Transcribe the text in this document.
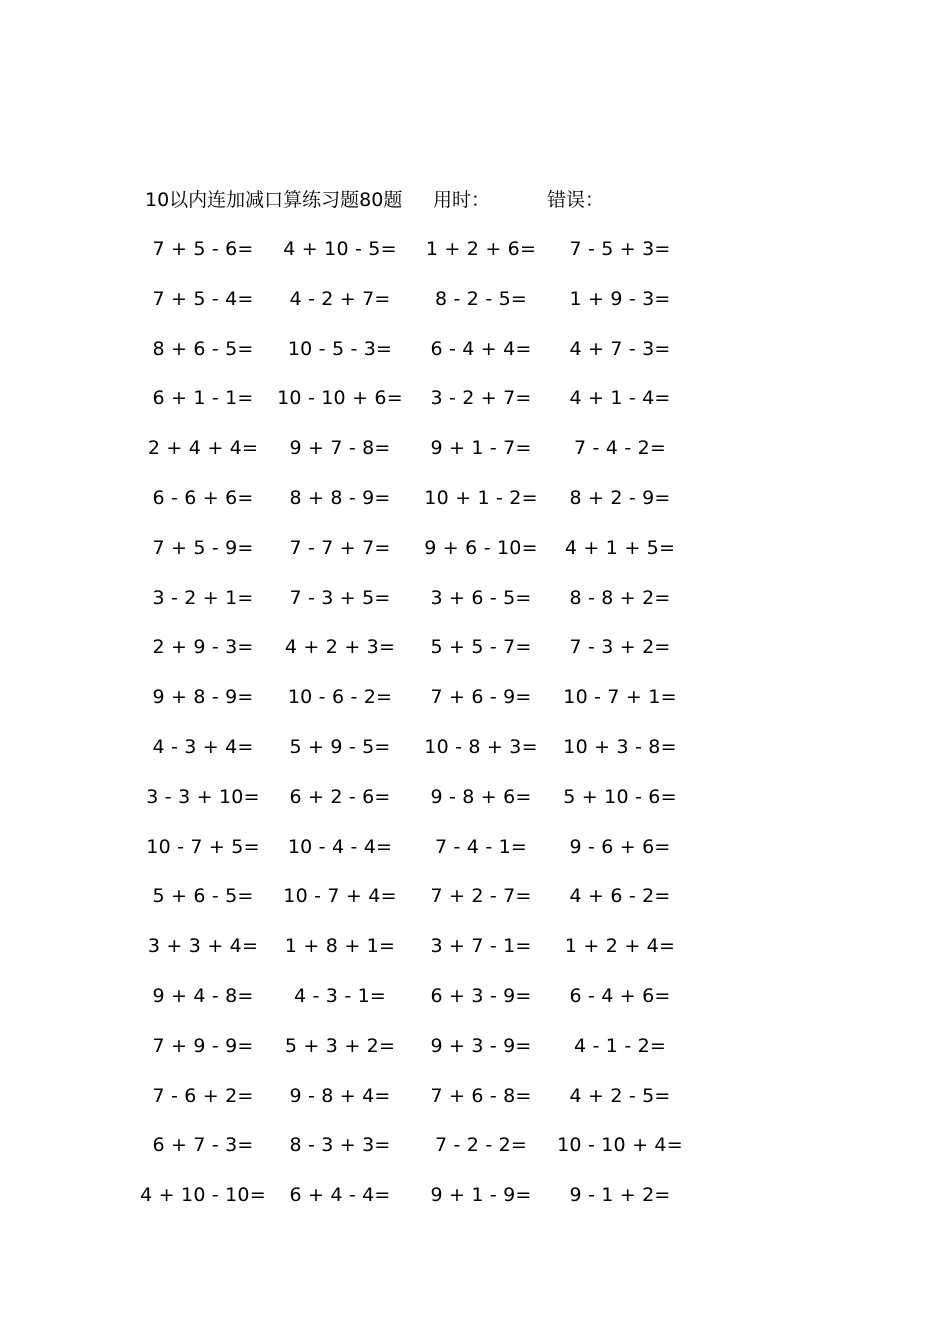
10以内连加减口算练习题80题 用时：	错误：
7 + 5 - 6=	4 + 10 - 5=	1 + 2 + 6=	7 - 5 + 3=
7 + 5 - 4=	4 - 2 + 7=	8 - 2 - 5=	1 + 9 - 3=
8 + 6 - 5=	10 - 5 - 3=	6 - 4 + 4=	4 + 7 - 3=
6 + 1 - 1=	10 - 10 + 6=	3 - 2 + 7=	4 + 1 - 4=
2 + 4 + 4=	9 + 7 - 8=	9 + 1 - 7=	7 - 4 - 2=
6 - 6 + 6=	8 + 8 - 9=	10 + 1 - 2=	8 + 2 - 9=
7 + 5 - 9=	7 - 7 + 7=	9 + 6 - 10=	4 + 1 + 5=
3 - 2 + 1=	7 - 3 + 5=	3 + 6 - 5=	8 - 8 + 2=
2 + 9 - 3=	4 + 2 + 3=	5 + 5 - 7=	7 - 3 + 2=
9 + 8 - 9=	10 - 6 - 2=	7 + 6 - 9=	10 - 7 + 1=
4 - 3 + 4=	5 + 9 - 5=	10 - 8 + 3=	10 + 3 - 8=
3 - 3 + 10=	6 + 2 - 6=	9 - 8 + 6=	5 + 10 - 6=
10 - 7 + 5=	10 - 4 - 4=	7 - 4 - 1=	9 - 6 + 6=
5 + 6 - 5=	10 - 7 + 4=	7 + 2 - 7=	4 + 6 - 2=
3 + 3 + 4=	1 + 8 + 1=	3 + 7 - 1=	1 + 2 + 4=
9 + 4 - 8=	4 - 3 - 1=	6 + 3 - 9=	6 - 4 + 6=
7 + 9 - 9=	5 + 3 + 2=	9 + 3 - 9=	4 - 1 - 2=
7 - 6 + 2=	9 - 8 + 4=	7 + 6 - 8=	4 + 2 - 5=
6 + 7 - 3=	8 - 3 + 3=	7 - 2 - 2=	10 - 10 + 4=
4 + 10 - 10=	6 + 4 - 4=	9 + 1 - 9=	9 - 1 + 2=
